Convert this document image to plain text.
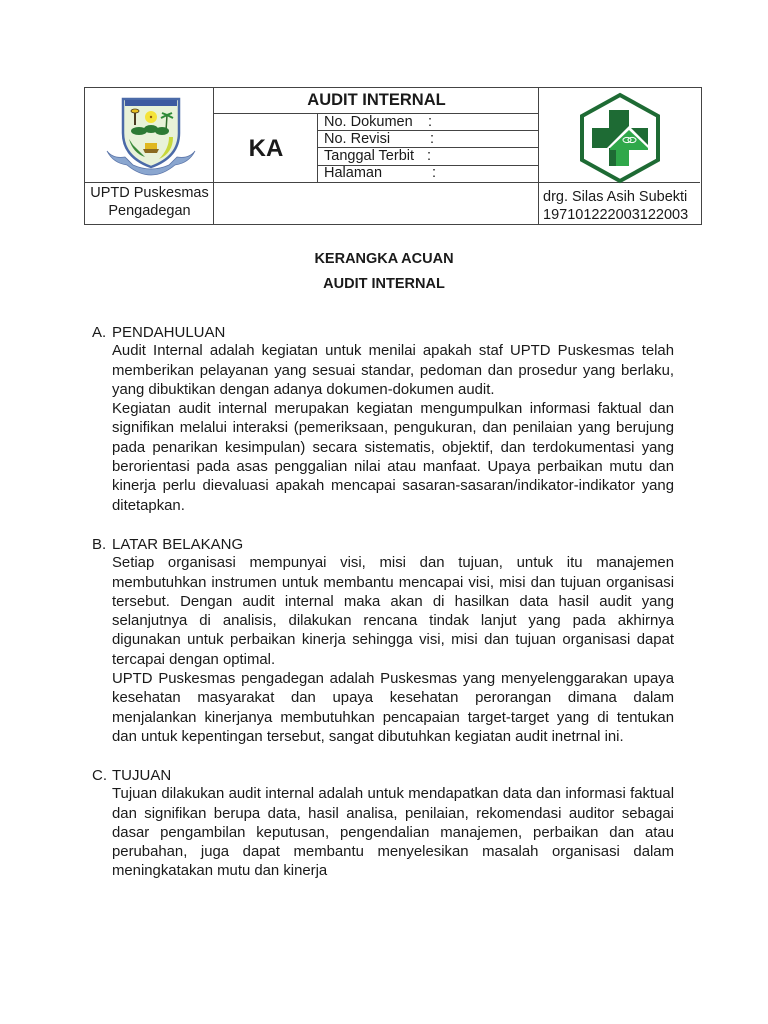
AUDIT INTERNAL
KA
No. Dokumen :
No. Revisi	:
Tanggal Terbit :
Halaman	:
UPTD Puskesmas
Pengadegan
drg. Silas Asih Subekti
197101222003122003
KERANGKA ACUAN
AUDIT INTERNAL
A. PENDAHULUAN
Audit Internal adalah kegiatan untuk menilai apakah staf UPTD Puskesmas telah memberikan pelayanan yang sesuai standar, pedoman dan prosedur yang berlaku, yang dibuktikan dengan adanya dokumen-dokumen audit.
Kegiatan audit internal merupakan kegiatan mengumpulkan informasi faktual dan signifikan melalui interaksi (pemeriksaan, pengukuran, dan penilaian yang berujung pada penarikan kesimpulan) secara sistematis, objektif, dan terdokumentasi yang berorientasi pada asas penggalian nilai atau manfaat. Upaya perbaikan mutu dan kinerja perlu dievaluasi apakah mencapai sasaran-sasaran/indikator-indikator yang ditetapkan.
B. LATAR BELAKANG
Setiap organisasi mempunyai visi, misi dan tujuan, untuk itu manajemen membutuhkan instrumen untuk membantu mencapai visi, misi dan tujuan organisasi tersebut. Dengan audit internal maka akan di hasilkan data hasil audit yang selanjutnya di analisis, dilakukan rencana tindak lanjut yang pada akhirnya digunakan untuk perbaikan kinerja sehingga visi, misi dan tujuan organisasi dapat tercapai dengan optimal.
UPTD Puskesmas pengadegan adalah Puskesmas yang menyelenggarakan upaya kesehatan masyarakat dan upaya kesehatan perorangan dimana dalam menjalankan kinerjanya membutuhkan pencapaian target-target yang di tentukan dan untuk kepentingan tersebut, sangat dibutuhkan kegiatan audit inetrnal ini.
C. TUJUAN
Tujuan dilakukan audit internal adalah untuk mendapatkan data dan informasi faktual dan signifikan berupa data, hasil analisa, penilaian, rekomendasi auditor sebagai dasar pengambilan keputusan, pengendalian manajemen, perbaikan dan atau perubahan, juga dapat membantu menyelesikan masalah organisasi dalam meningkatakan mutu dan kinerja
